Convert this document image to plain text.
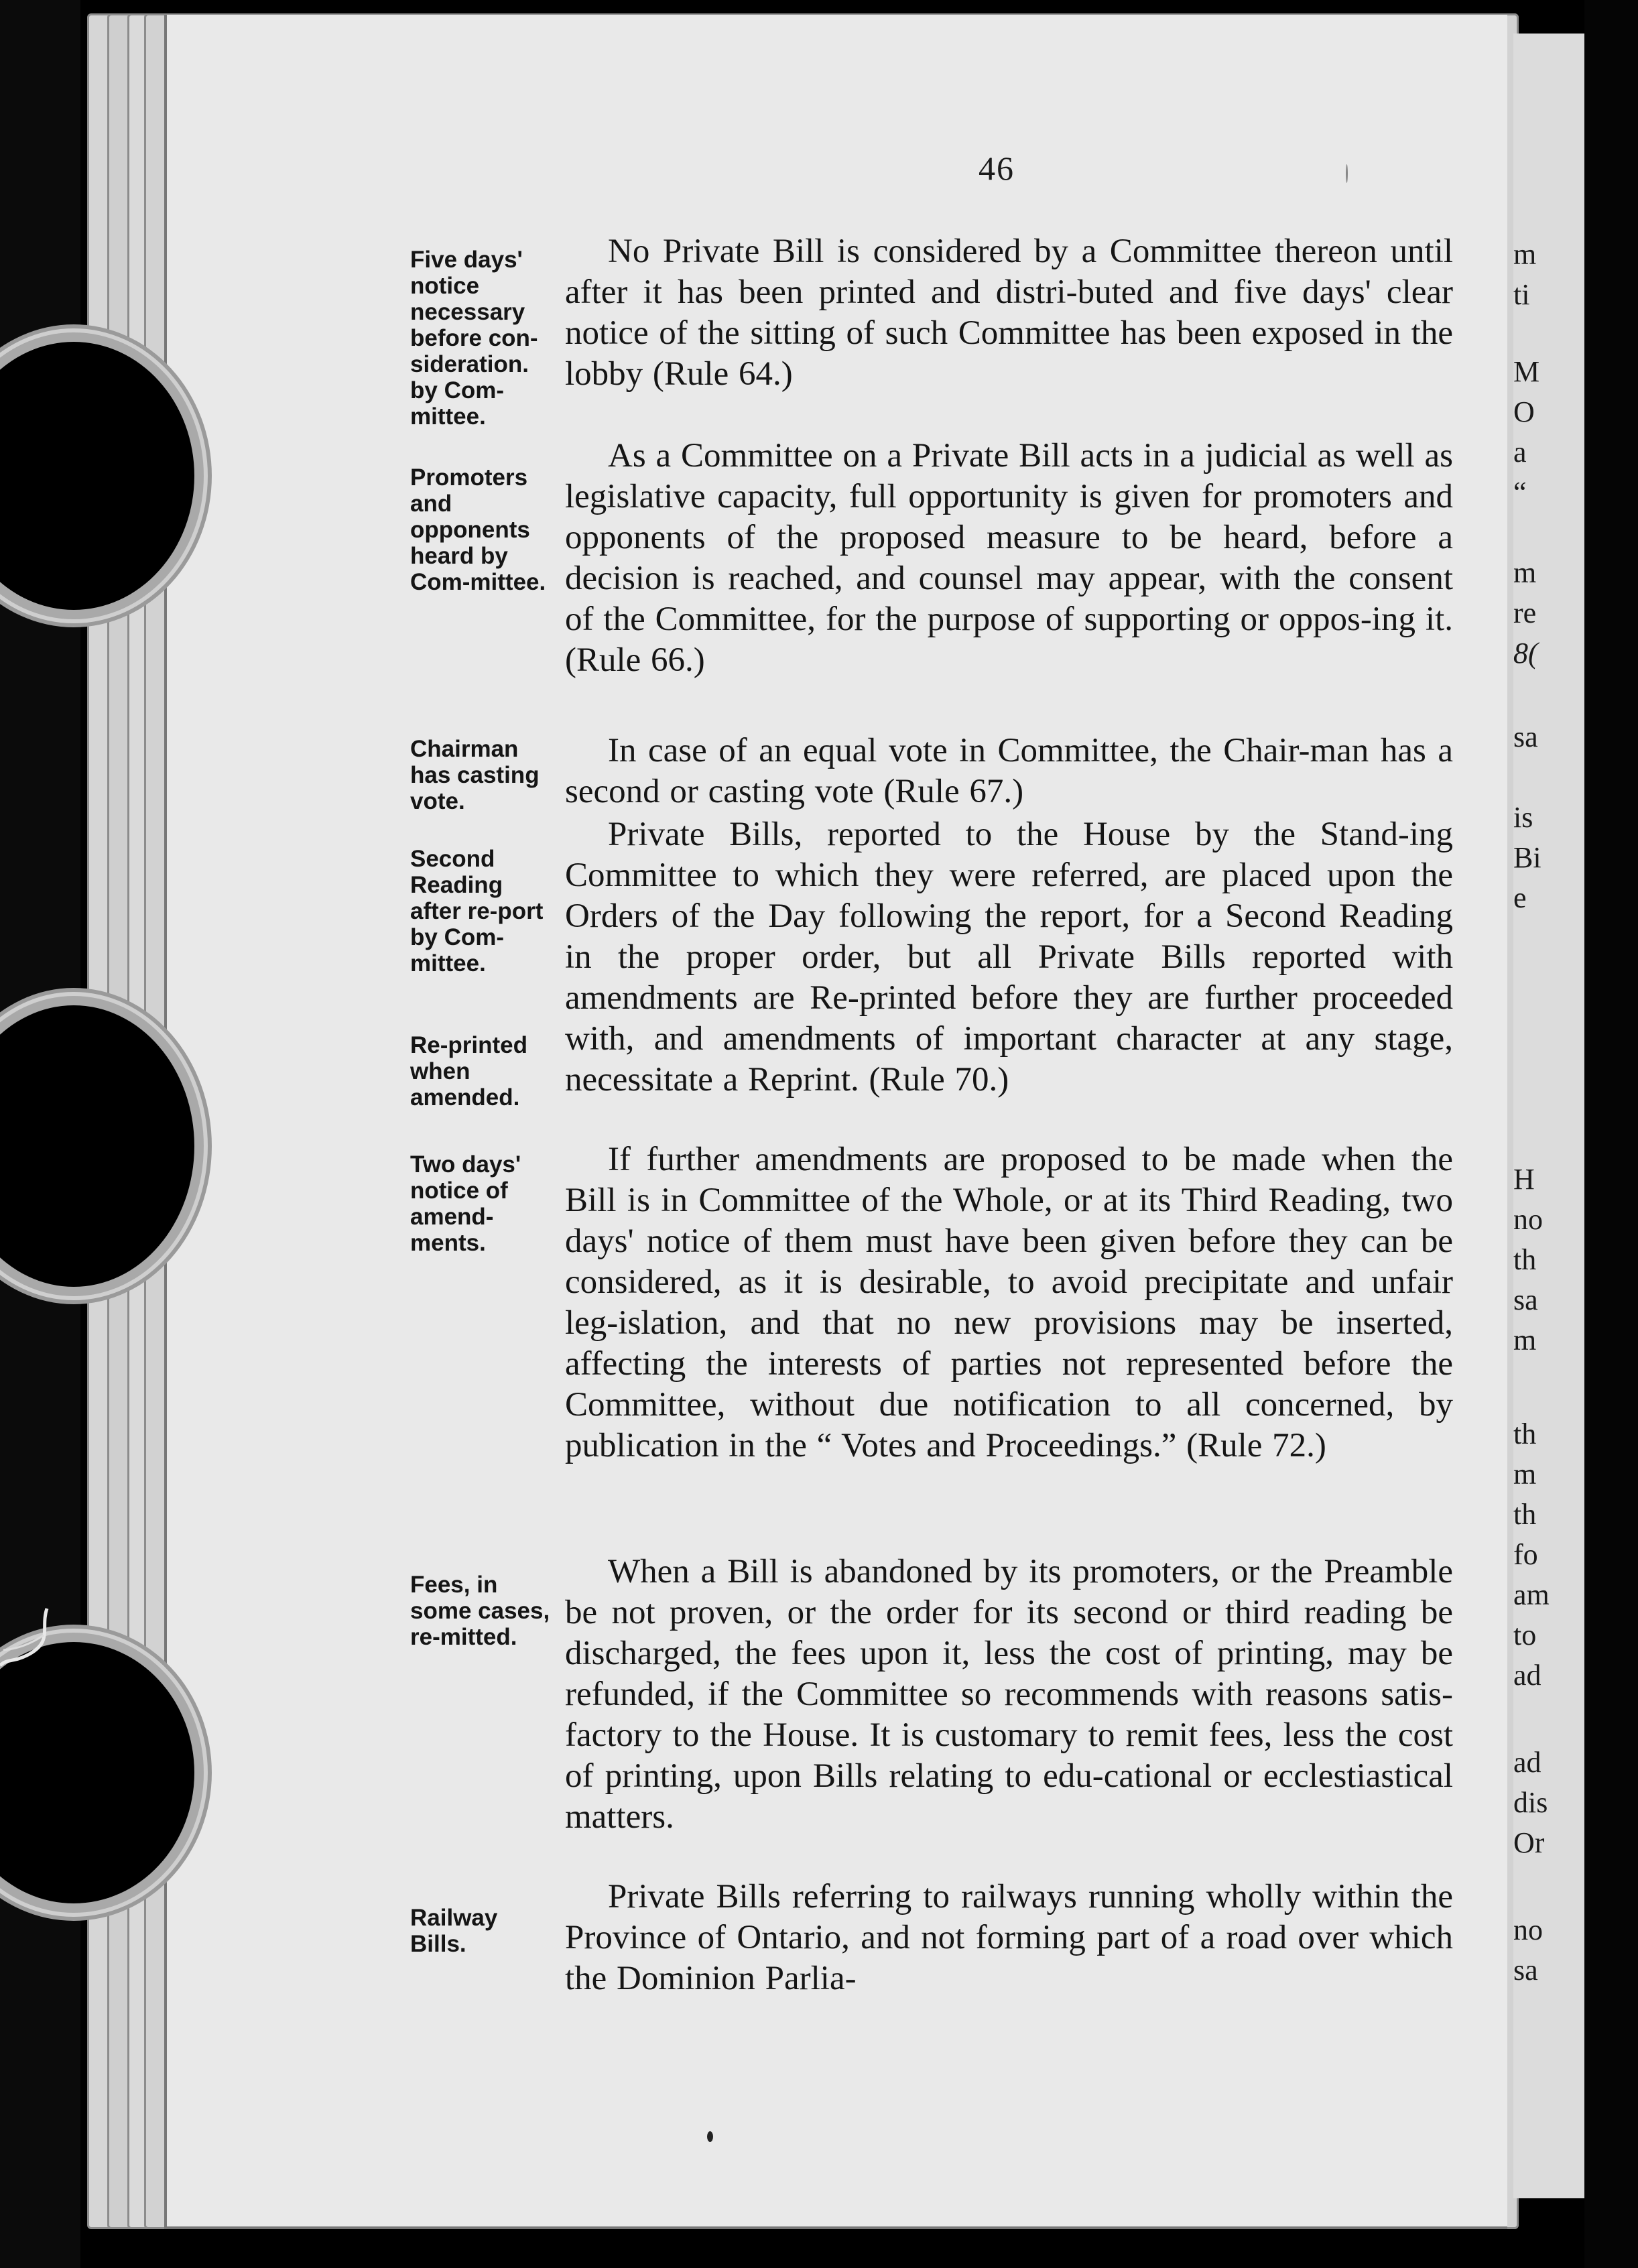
m
ti
M
O
a
“
m
re
8(
sa
is
Bi
e
H
no
th
sa
m
th
m
th
fo
am
to
ad
ad
dis
Or
no
sa
46

Five days' notice necessary before con-sideration. by Com-mittee.

Promoters and opponents heard by Com-mittee.

Chairman has casting vote.

Second Reading after re-port by Com-mittee.

Re-printed when amended.

Two days' notice of amend-ments.

Fees, in some cases, re-mitted.

Railway Bills.

No Private Bill is considered by a Committee thereon until after it has been printed and distri-buted and five days' clear notice of the sitting of such Committee has been exposed in the lobby (Rule 64.)

As a Committee on a Private Bill acts in a judicial as well as legislative capacity, full opportunity is given for promoters and opponents of the proposed measure to be heard, before a decision is reached, and counsel may appear, with the consent of the Committee, for the purpose of supporting or oppos-ing it. (Rule 66.)

In case of an equal vote in Committee, the Chair-man has a second or casting vote (Rule 67.)

Private Bills, reported to the House by the Stand-ing Committee to which they were referred, are placed upon the Orders of the Day following the report, for a Second Reading in the proper order, but all Private Bills reported with amendments are Re-printed before they are further proceeded with, and amendments of important character at any stage, necessitate a Reprint. (Rule 70.)

If further amendments are proposed to be made when the Bill is in Committee of the Whole, or at its Third Reading, two days' notice of them must have been given before they can be considered, as it is desirable, to avoid precipitate and unfair leg-islation, and that no new provisions may be inserted, affecting the interests of parties not represented before the Committee, without due notification to all concerned, by publication in the “ Votes and Proceedings.” (Rule 72.)

When a Bill is abandoned by its promoters, or the Preamble be not proven, or the order for its second or third reading be discharged, the fees upon it, less the cost of printing, may be refunded, if the Committee so recommends with reasons satis-factory to the House. It is customary to remit fees, less the cost of printing, upon Bills relating to edu-cational or ecclestiastical matters.

Private Bills referring to railways running wholly within the Province of Ontario, and not forming part of a road over which the Dominion Parlia-
